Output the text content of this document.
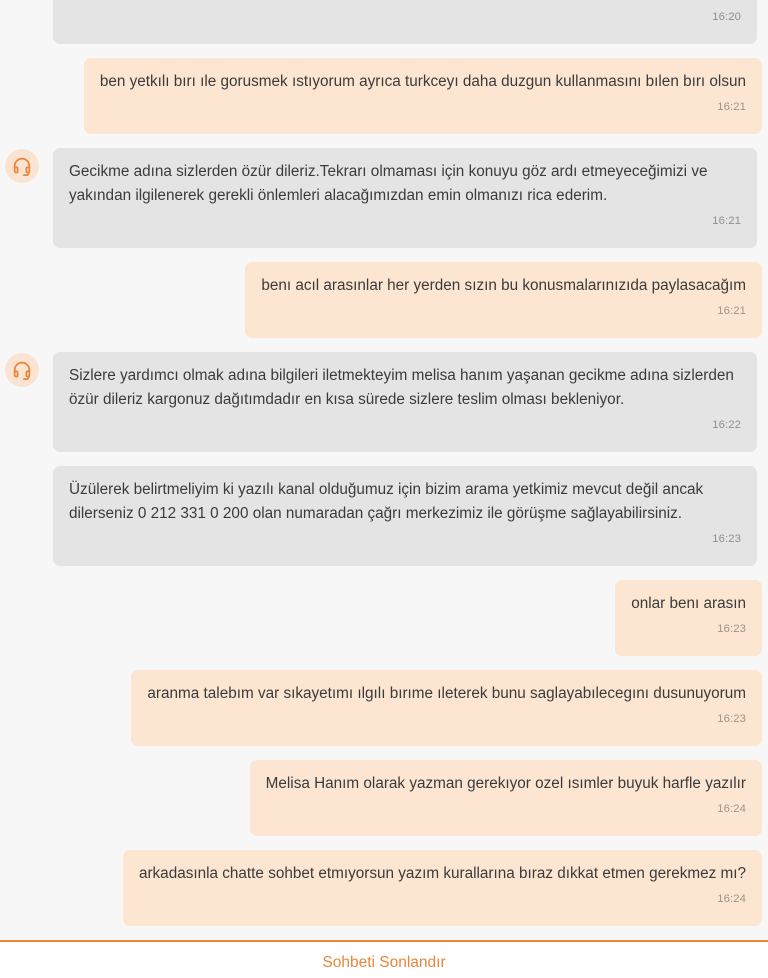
16:20
ben yetkılı bırı ıle gorusmek ıstıyorum ayrıca turkceyı daha duzgun kullanmasını bılen bırı olsun
16:21
Gecikme adına sizlerden özür dileriz.Tekrarı olmaması için konuyu göz ardı etmeyeceğimizi ve yakından ilgilenerek gerekli önlemleri alacağımızdan emin olmanızı rica ederim.
16:21
benı acıl arasınlar her yerden sızın bu konusmalarınızıda paylasacağım
16:21
Sizlere yardımcı olmak adına bilgileri iletmekteyim melisa hanım yaşanan gecikme adına sizlerden özür dileriz kargonuz dağıtımdadır en kısa sürede sizlere teslim olması bekleniyor.
16:22
Üzülerek belirtmeliyim ki yazılı kanal olduğumuz için bizim arama yetkimiz mevcut değil ancak dilerseniz 0 212 331 0 200 olan numaradan çağrı merkezimiz ile görüşme sağlayabilirsiniz.
16:23
onlar benı arasın
16:23
aranma talebım var sıkayetımı ılgılı bırıme ıleterek bunu saglayabılecegını dusunuyorum
16:23
Melisa Hanım olarak yazman gerekıyor ozel ısımler buyuk harfle yazılır
16:24
arkadasınla chatte sohbet etmıyorsun yazım kurallarına bıraz dıkkat etmen gerekmez mı?
16:24
Sohbeti Sonlandır
